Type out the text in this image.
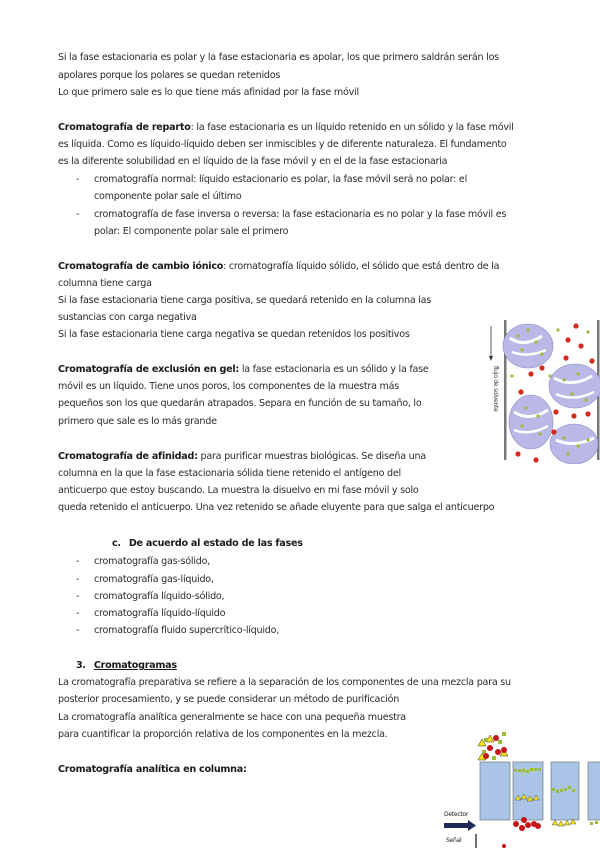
Si la fase estacionaria es polar y la fase estacionaria es apolar, los que primero saldrán serán los
apolares porque los polares se quedan retenidos
Lo que primero sale es lo que tiene más afinidad por la fase móvil
Cromatografía de reparto: la fase estacionaria es un líquido retenido en un sólido y la fase móvil
es líquida. Como es líquido-líquido deben ser inmiscibles y de diferente naturaleza. El fundamento
es la diferente solubilidad en el líquido de la fase móvil y en el de la fase estacionaria
- cromatografía normal: líquido estacionario es polar, la fase móvil será no polar: el
componente polar sale el último
- cromatografía de fase inversa o reversa: la fase estacionaria es no polar y la fase móvil es
polar: El componente polar sale el primero
Cromatografía de cambio iónico: cromatografía líquido sólido, el sólido que está dentro de la
columna tiene carga
Si la fase estacionaria tiene carga positiva, se quedará retenido en la columna las
sustancias con carga negativa
Si la fase estacionaria tiene carga negativa se quedan retenidos los positivos
Cromatografía de exclusión en gel: la fase estacionaria es un sólido y la fase
móvil es un líquido. Tiene unos poros, los componentes de la muestra más
pequeños son los que quedarán atrapados. Separa en función de su tamaño, lo
primero que sale es lo más grande
flujo de solvente
Cromatografía de afinidad: para purificar muestras biológicas. Se diseña una
columna en la que la fase estacionaria sólida tiene retenido el antígeno del
anticuerpo que estoy buscando. La muestra la disuelvo en mi fase móvil y solo
queda retenido el anticuerpo. Una vez retenido se añade eluyente para que salga el anticuerpo
c. De acuerdo al estado de las fases
- cromatografía gas-sólido,
- cromatografía gas-líquido,
- cromatografía líquido-sólido,
- cromatografía líquido-líquido
- cromatografía fluido supercrítico-líquido,
3. Cromatogramas
La cromatografía preparativa se refiere a la separación de los componentes de una mezcla para su
posterior procesamiento, y se puede considerar un método de purificación
La cromatografía analítica generalmente se hace con una pequeña muestra
para cuantificar la proporción relativa de los componentes en la mezcla.
Cromatografía analítica en columna:
Detector
Señal
